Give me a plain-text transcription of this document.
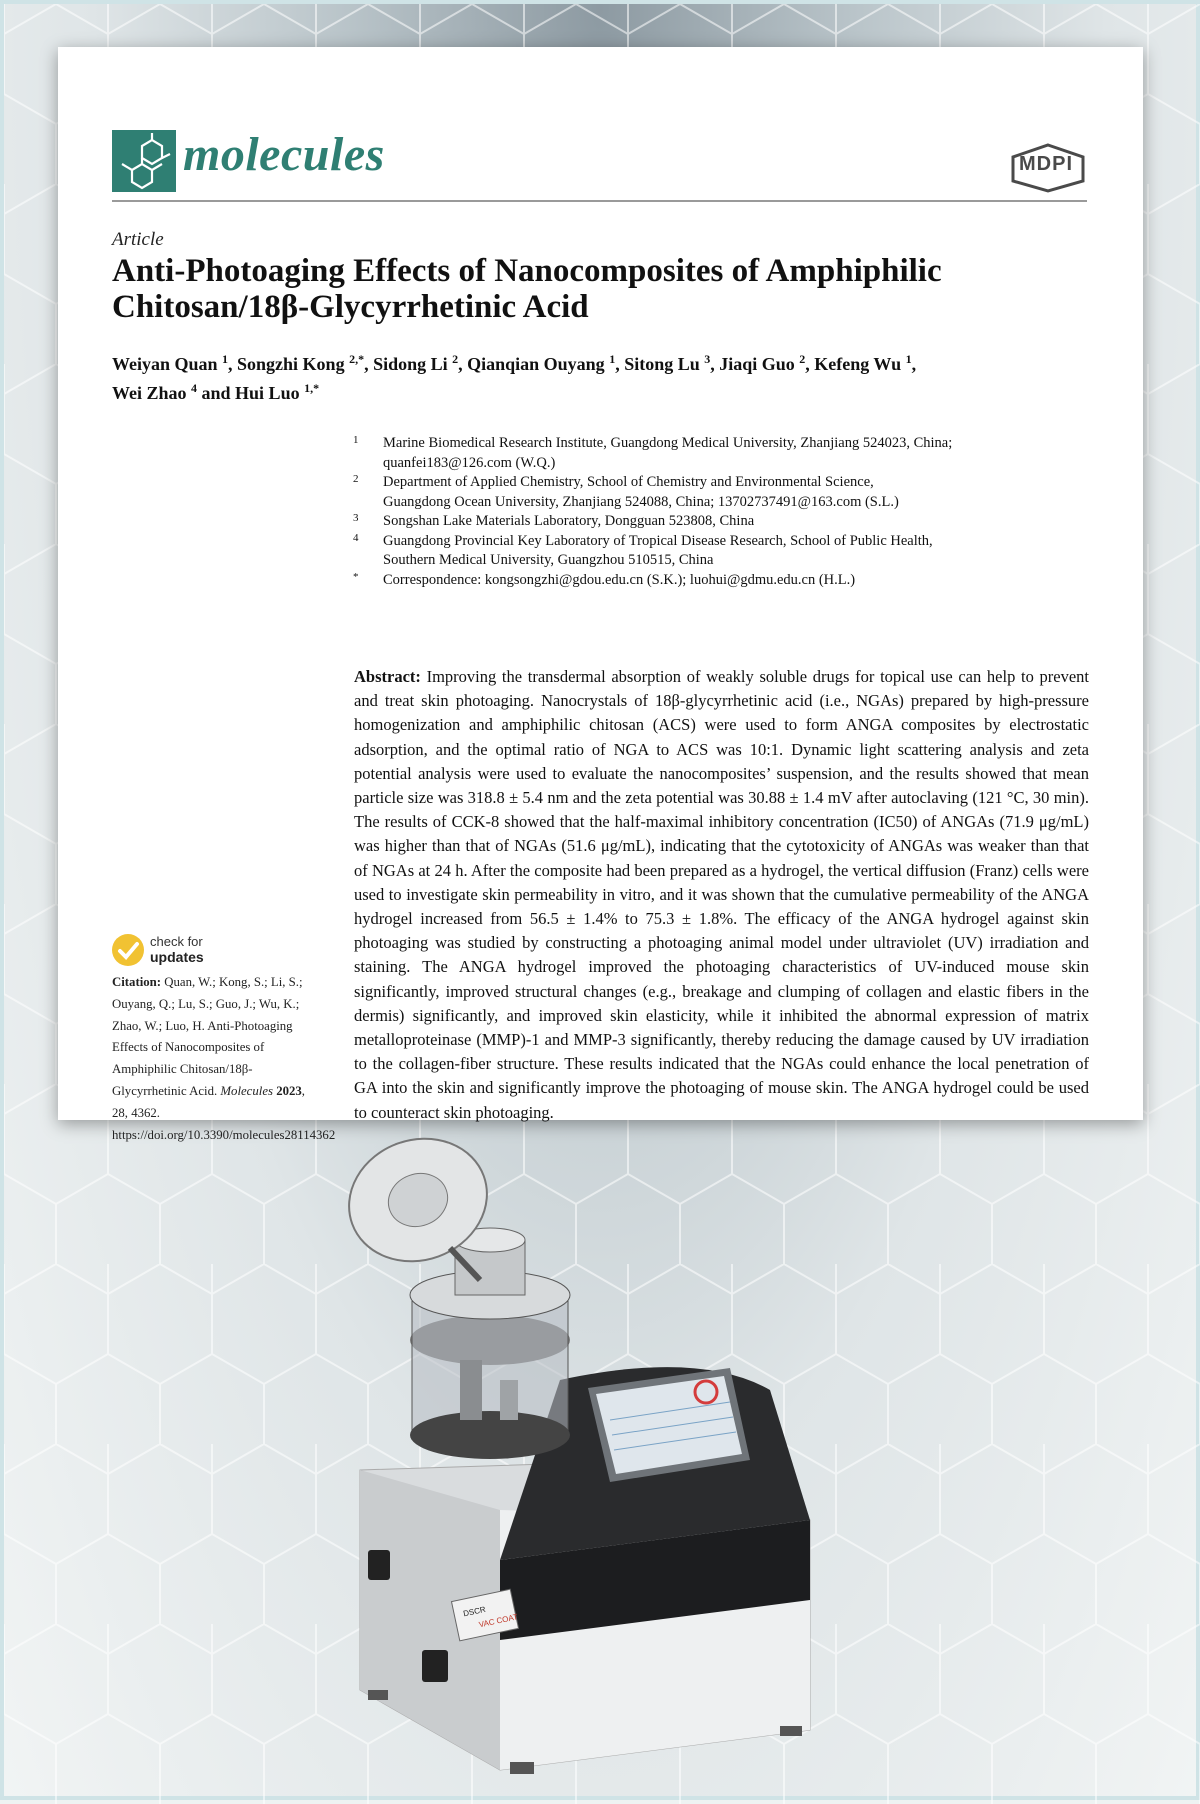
molecules	MDPI
Article
Anti-Photoaging Effects of Nanocomposites of Amphiphilic Chitosan/18β-Glycyrrhetinic Acid
Weiyan Quan $^1$, Songzhi Kong $^{2,*}$, Sidong Li $^2$, Qianqian Ouyang $^1$, Sitong Lu $^3$, Jiaqi Guo $^2$, Kefeng Wu $^1$,
Wei Zhao $^4$ and Hui Luo $^{1,*}$
1	Marine Biomedical Research Institute, Guangdong Medical University, Zhanjiang 524023, China;
quanfei183@126.com (W.Q.)
2	Department of Applied Chemistry, School of Chemistry and Environmental Science,
Guangdong Ocean University, Zhanjiang 524088, China; 13702737491@163.com (S.L.)
3	Songshan Lake Materials Laboratory, Dongguan 523808, China
4	Guangdong Provincial Key Laboratory of Tropical Disease Research, School of Public Health,
Southern Medical University, Guangzhou 510515, China
*	Correspondence: kongsongzhi@gdou.edu.cn (S.K.); luohui@gdmu.edu.cn (H.L.)
Abstract: Improving the transdermal absorption of weakly soluble drugs for topical use can help to prevent and treat skin photoaging. Nanocrystals of 18β-glycyrrhetinic acid (i.e., NGAs) prepared by high-pressure homogenization and amphiphilic chitosan (ACS) were used to form ANGA composites by electrostatic adsorption, and the optimal ratio of NGA to ACS was 10:1. Dynamic light scattering analysis and zeta potential analysis were used to evaluate the nanocomposites’ suspension, and the results showed that mean particle size was 318.8 ± 5.4 nm and the zeta potential was 30.88 ± 1.4 mV after autoclaving (121 °C, 30 min). The results of CCK-8 showed that the half-maximal inhibitory concentration (IC50) of ANGAs (71.9 μg/mL) was higher than that of NGAs (51.6 μg/mL), indicating that the cytotoxicity of ANGAs was weaker than that of NGAs at 24 h. After the composite had been prepared as a hydrogel, the vertical diffusion (Franz) cells were used to investigate skin permeability in vitro, and it was shown that the cumulative permeability of the ANGA hydrogel increased from 56.5 ± 1.4% to 75.3 ± 1.8%. The efficacy of the ANGA hydrogel against skin photoaging was studied by constructing a photoaging animal model under ultraviolet (UV) irradiation and staining. The ANGA hydrogel improved the photoaging characteristics of UV-induced mouse skin significantly, improved structural changes (e.g., breakage and clumping of collagen and elastic fibers in the dermis) significantly, and improved skin elasticity, while it inhibited the abnormal expression of matrix metalloproteinase (MMP)-1 and MMP-3 significantly, thereby reducing the damage caused by UV irradiation to the collagen-fiber structure. These results indicated that the NGAs could enhance the local penetration of GA into the skin and significantly improve the photoaging of mouse skin. The ANGA hydrogel could be used to counteract skin photoaging.
check for
updates
Citation: Quan, W.; Kong, S.; Li, S.; Ouyang, Q.; Lu, S.; Guo, J.; Wu, K.; Zhao, W.; Luo, H. Anti-Photoaging Effects of Nanocomposites of Amphiphilic Chitosan/18β-Glycyrrhetinic Acid. Molecules 2023, 28, 4362. https://doi.org/10.3390/molecules28114362
DSCR
VAC COAT
